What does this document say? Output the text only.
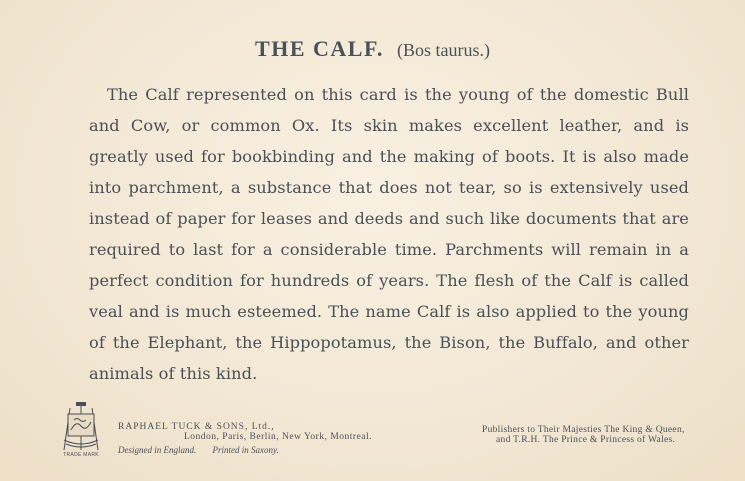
THE CALF. (Bos taurus.)
The Calf represented on this card is the young of the domestic Bull
and Cow, or common Ox. Its skin makes excellent leather, and is
greatly used for bookbinding and the making of boots. It is also made
into parchment, a substance that does not tear, so is extensively used
instead of paper for leases and deeds and such like documents that are
required to last for a considerable time. Parchments will remain in a
perfect condition for hundreds of years. The flesh of the Calf is called
veal and is much esteemed. The name Calf is also applied to the young
of the Elephant, the Hippopotamus, the Bison, the Buffalo, and other
animals of this kind.
TRADE MARK
RAPHAEL TUCK & SONS, Ltd.,
London, Paris, Berlin, New York, Montreal.
Designed in England. Printed in Saxony.
Publishers to Their Majesties The King & Queen,
and T.R.H. The Prince & Princess of Wales.
